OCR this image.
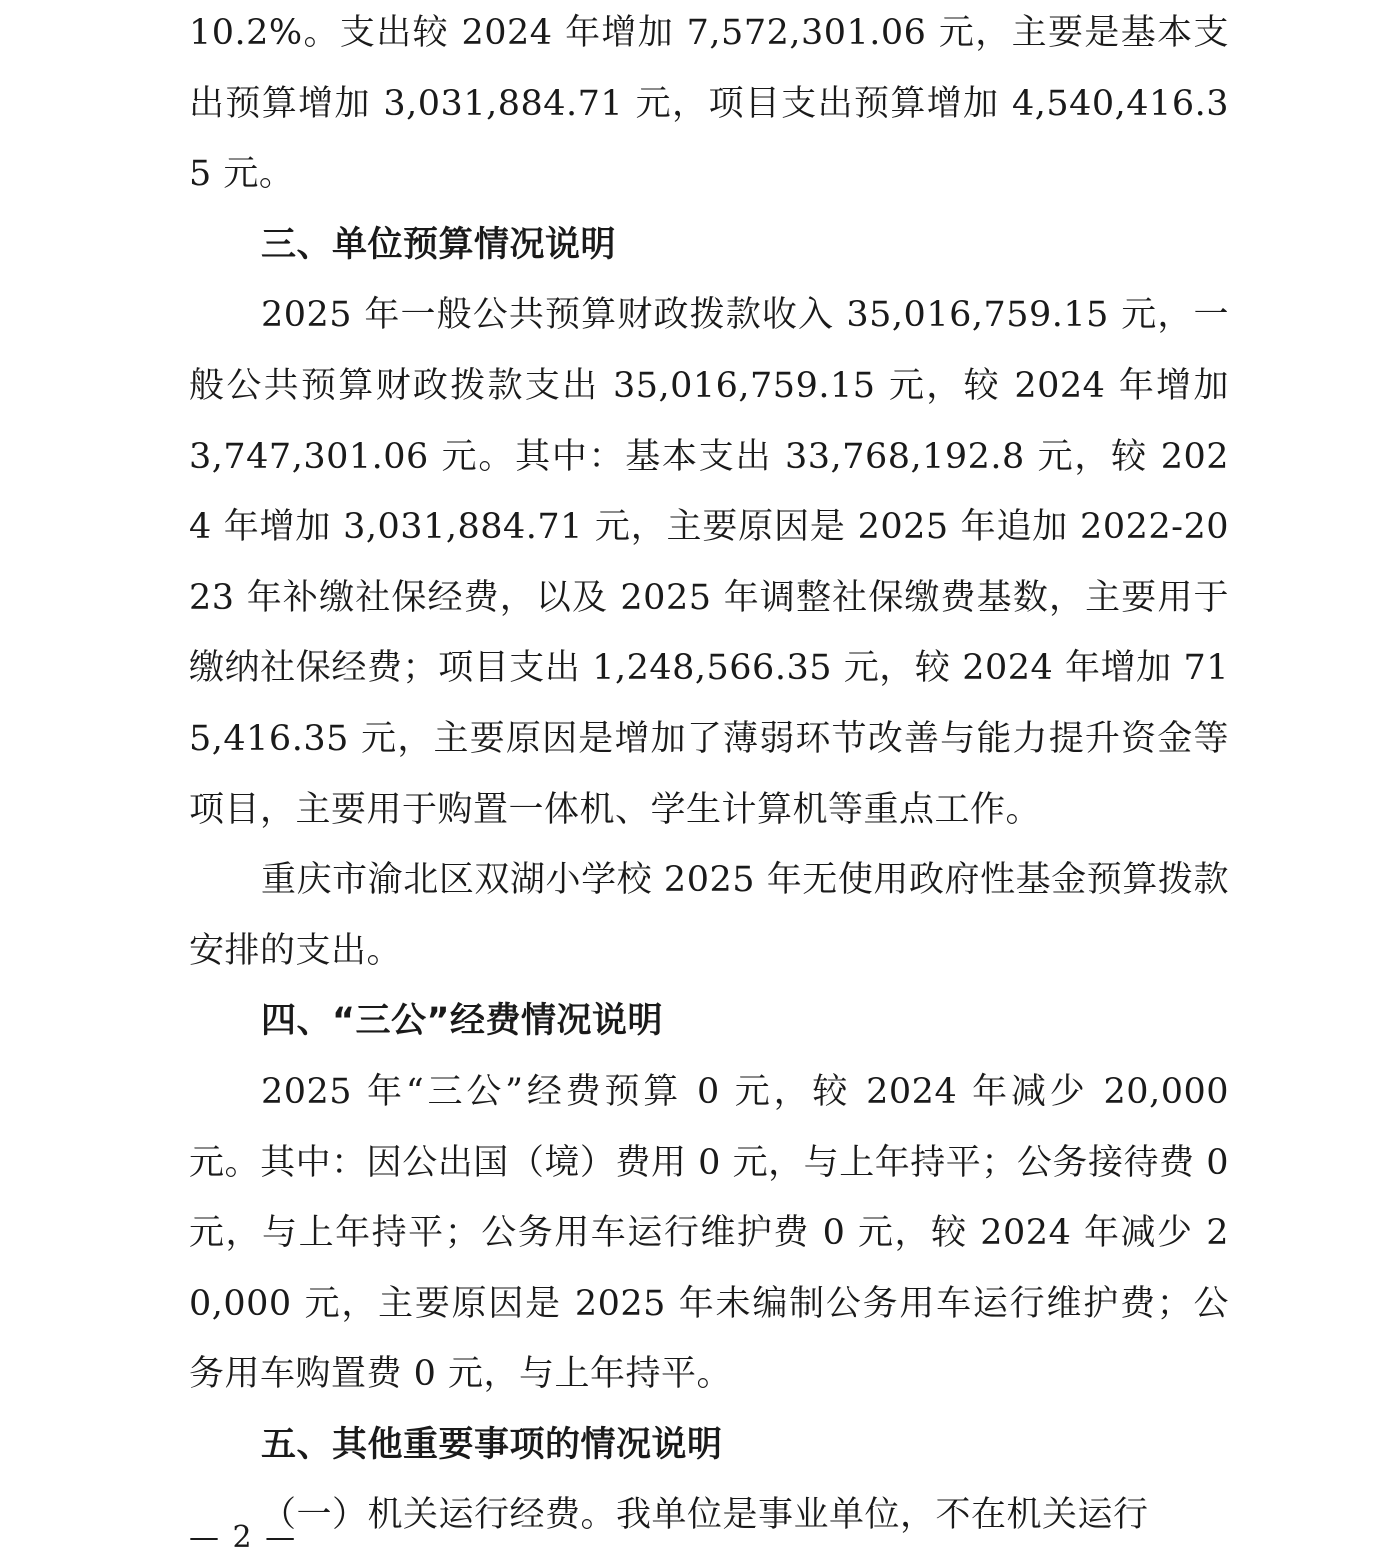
10.2%。支出较 2024 年增加 7,572,301.06 元，主要是基本支出预算增加 3,031,884.71 元，项目支出预算增加 4,540,416.35 元。

三、单位预算情况说明

2025 年一般公共预算财政拨款收入 35,016,759.15 元，一般公共预算财政拨款支出 35,016,759.15 元，较 2024 年增加 3,747,301.06 元。其中：基本支出 33,768,192.8 元，较 2024 年增加 3,031,884.71 元，主要原因是 2025 年追加 2022-2023 年补缴社保经费，以及 2025 年调整社保缴费基数，主要用于缴纳社保经费；项目支出 1,248,566.35 元，较 2024 年增加 715,416.35 元，主要原因是增加了薄弱环节改善与能力提升资金等项目，主要用于购置一体机、学生计算机等重点工作。

重庆市渝北区双湖小学校 2025 年无使用政府性基金预算拨款安排的支出。

四、“三公”经费情况说明

2025 年“三公”经费预算 0 元，较 2024 年减少 20,000 元。其中：因公出国（境）费用 0 元，与上年持平；公务接待费 0 元，与上年持平；公务用车运行维护费 0 元，较 2024 年减少 20,000 元，主要原因是 2025 年未编制公务用车运行维护费；公务用车购置费 0 元，与上年持平。

五、其他重要事项的情况说明

（一）机关运行经费。我单位是事业单位，不在机关运行

— 2 —
